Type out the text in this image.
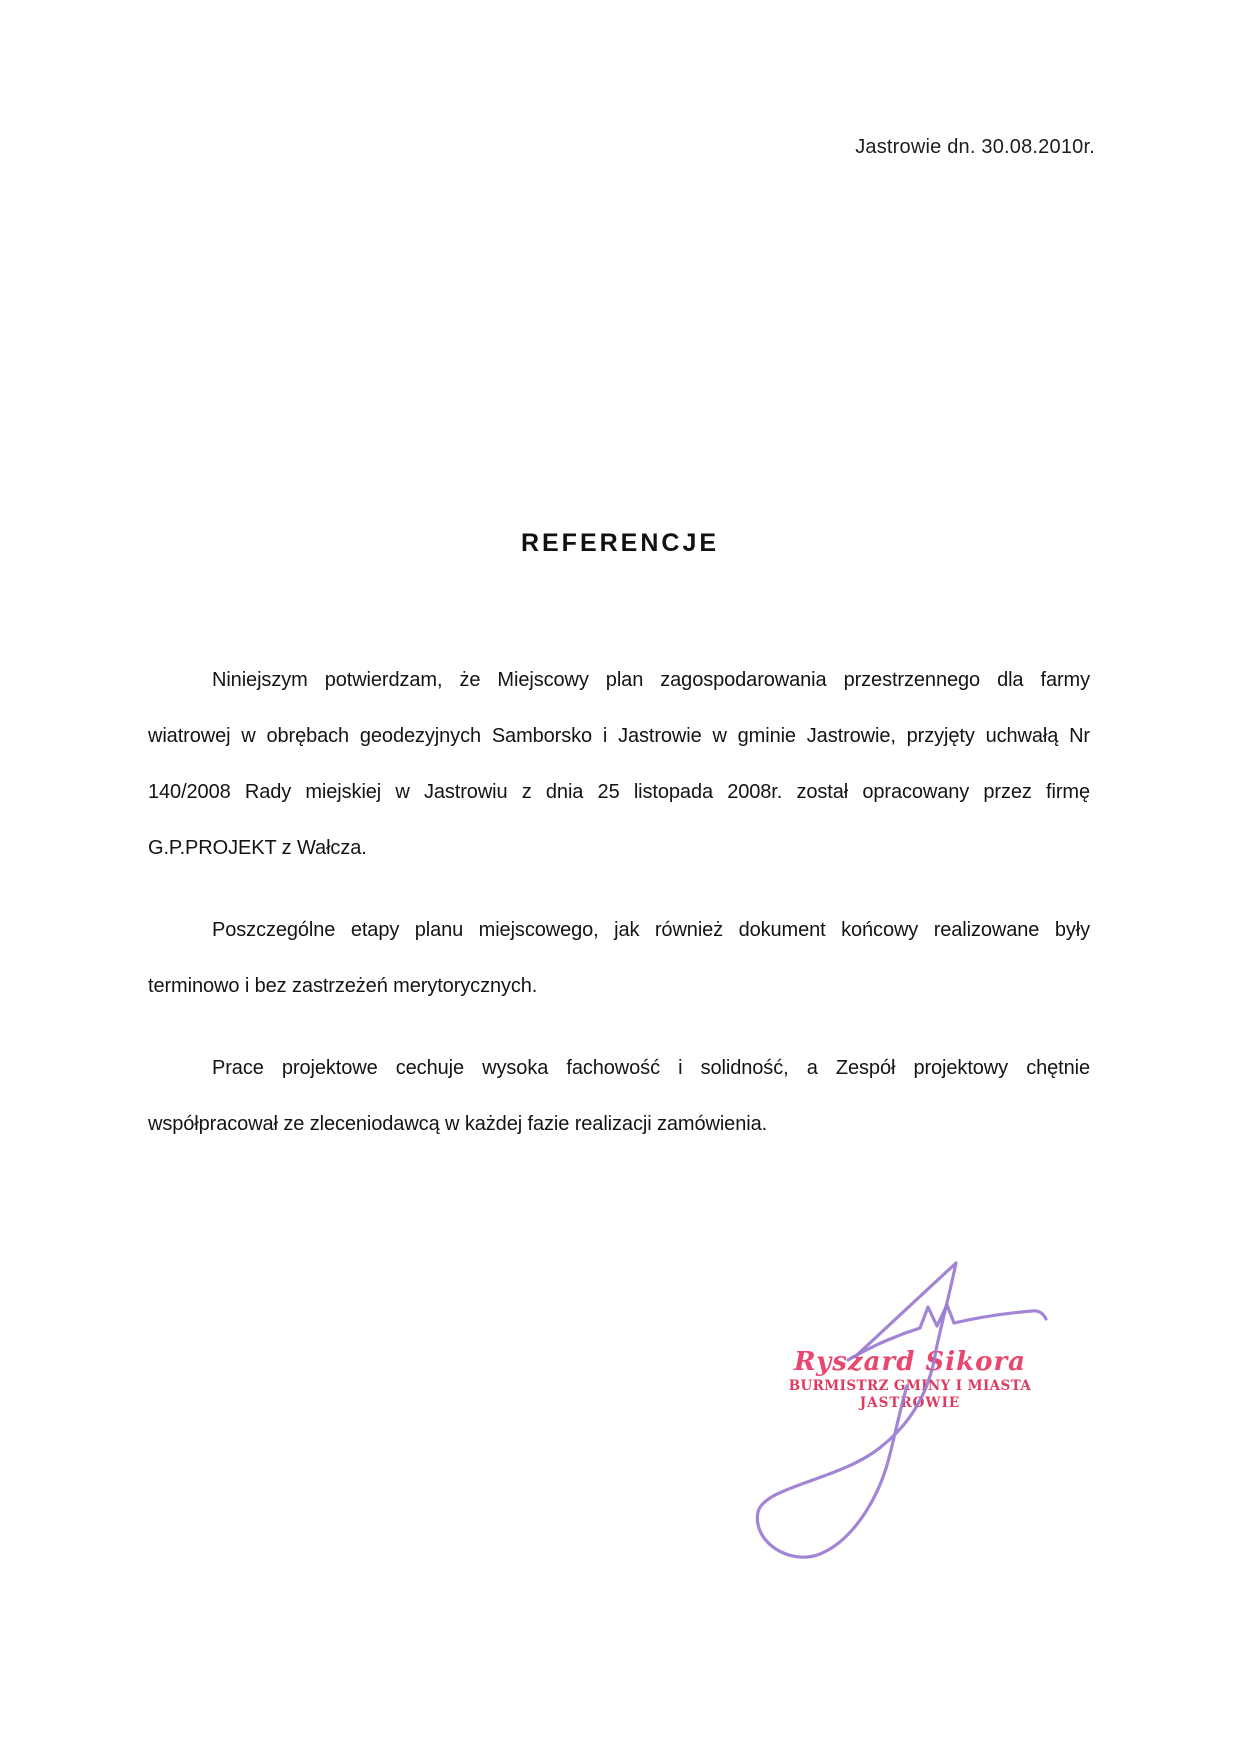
Jastrowie dn. 30.08.2010r.
REFERENCJE
Niniejszym potwierdzam, że Miejscowy plan zagospodarowania przestrzennego dla farmy
wiatrowej w obrębach geodezyjnych Samborsko i Jastrowie w gminie Jastrowie, przyjęty uchwałą Nr
140/2008 Rady miejskiej w Jastrowiu z dnia 25 listopada 2008r. został opracowany przez firmę
G.P.PROJEKT z Wałcza.
Poszczególne etapy planu miejscowego, jak również dokument końcowy realizowane były
terminowo i bez zastrzeżeń merytorycznych.
Prace projektowe cechuje wysoka fachowość i solidność, a Zespół projektowy chętnie
współpracował ze zleceniodawcą w każdej fazie realizacji zamówienia.
Ryszard Sikora
BURMISTRZ GMINY I MIASTA
JASTROWIE
